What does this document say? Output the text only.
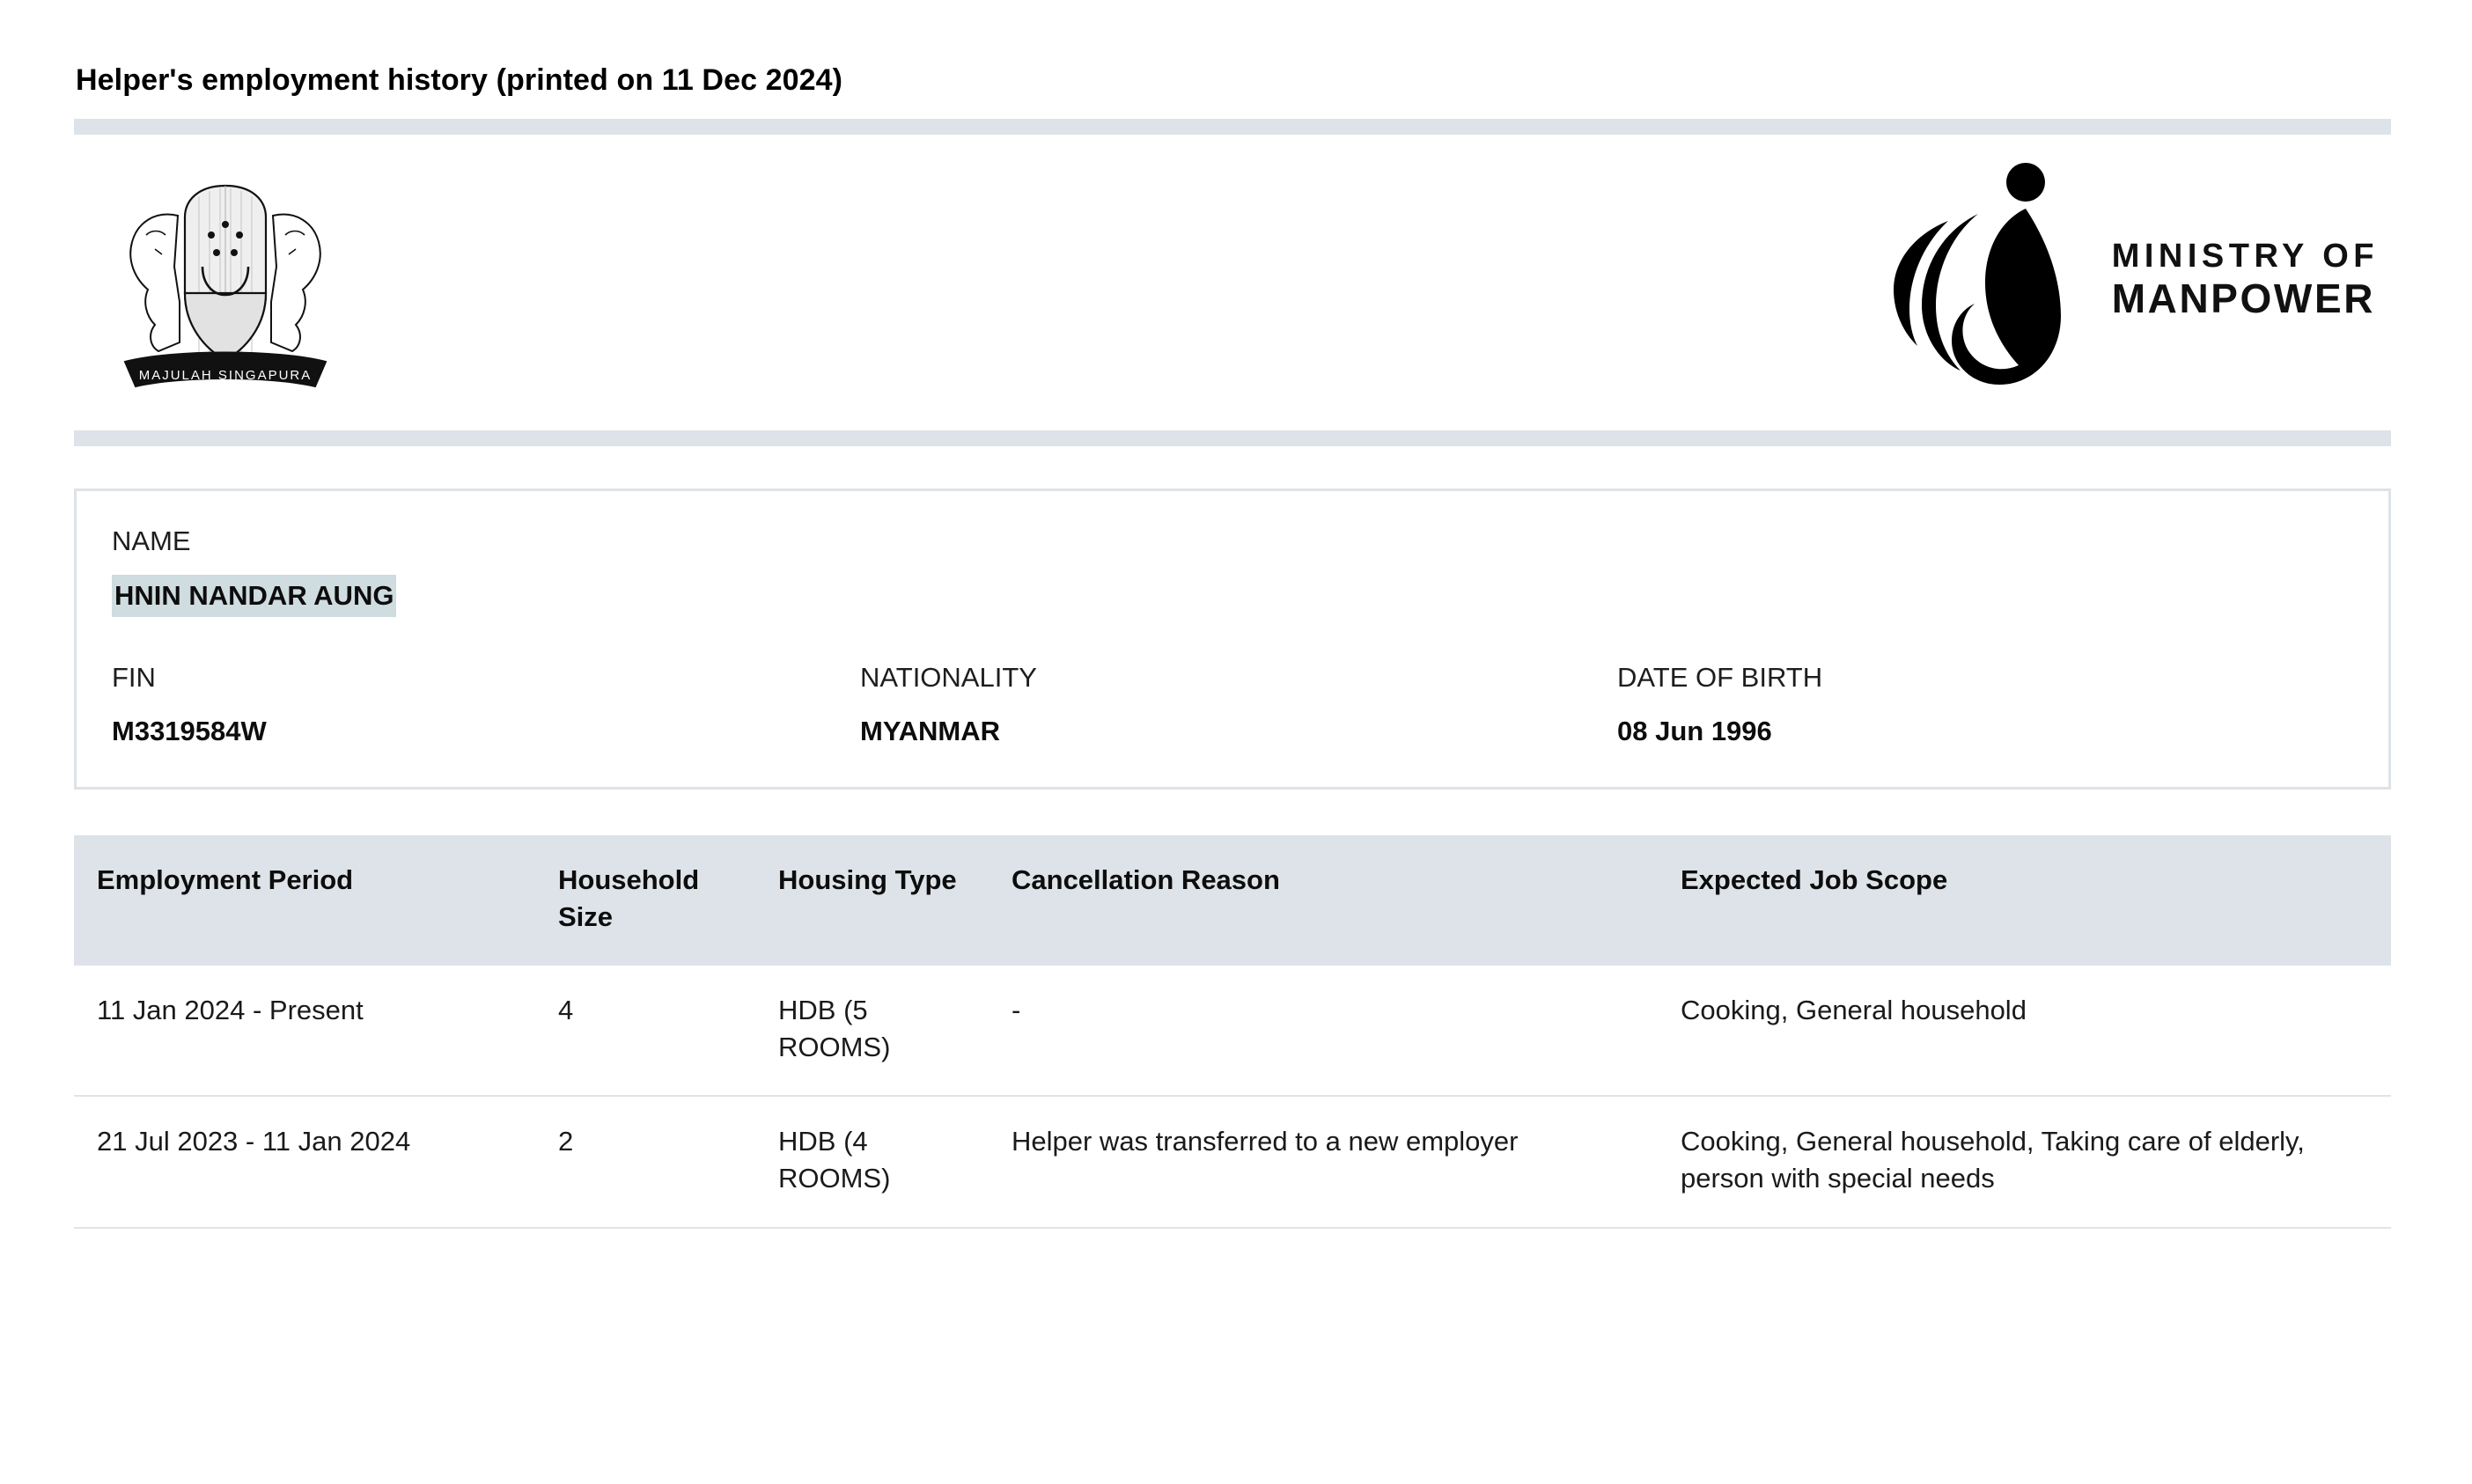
Helper's employment history (printed on 11 Dec 2024)
MAJULAH SINGAPURA
MINISTRY OF
MANPOWER
NAME
HNIN NANDAR AUNG
FIN
M3319584W
NATIONALITY
MYANMAR
DATE OF BIRTH
08 Jun 1996
Employment Period	Household Size	Housing Type	Cancellation Reason	Expected Job Scope
11 Jan 2024 - Present	4	HDB (5 ROOMS)	-	Cooking, General household
21 Jul 2023 - 11 Jan 2024	2	HDB (4 ROOMS)	Helper was transferred to a new employer	Cooking, General household, Taking care of elderly, person with special needs
